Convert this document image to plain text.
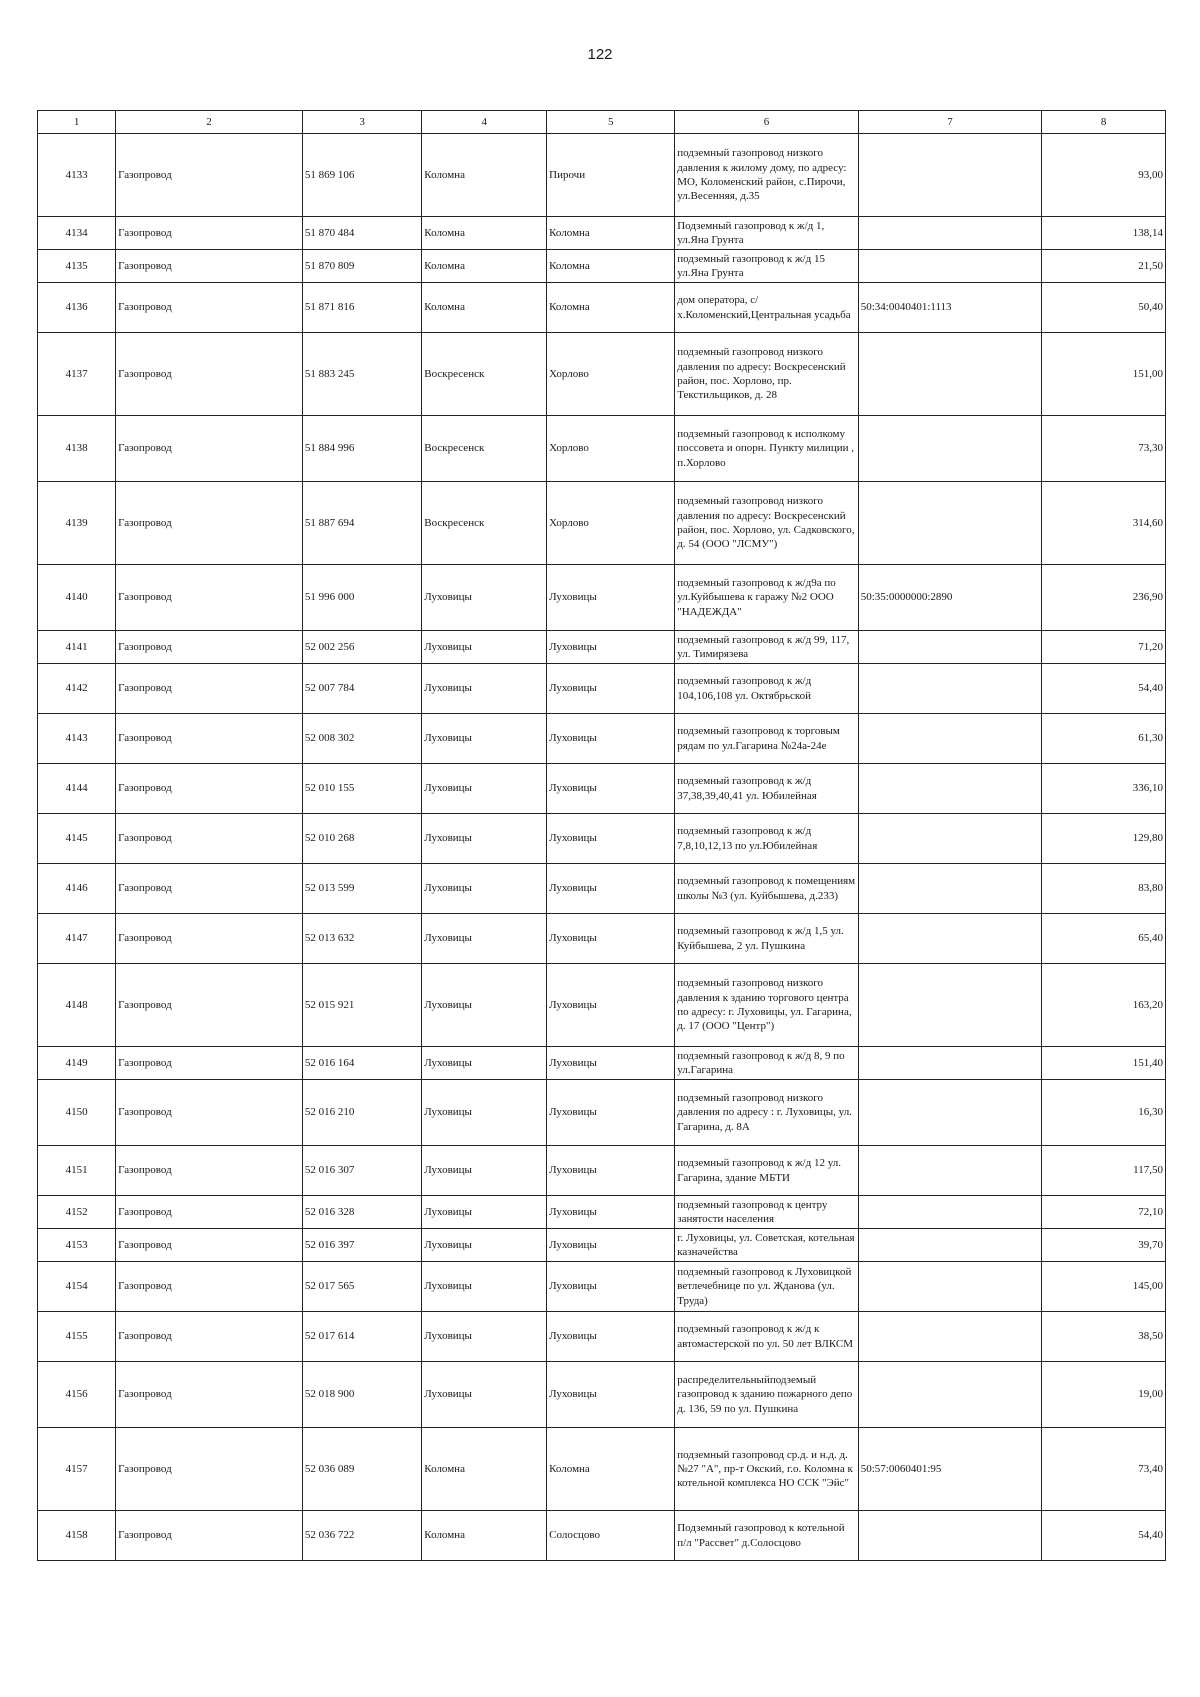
122
1	2	3	4	5	6	7	8
4133	Газопровод	51 869 106	Коломна	Пирочи	подземный газопровод низкого давления к жилому дому, по адресу: МО, Коломенский район, с.Пирочи, ул.Весенняя, д.35		93,00
4134	Газопровод	51 870 484	Коломна	Коломна	Подземный газопровод к ж/д 1, ул.Яна Грунта		138,14
4135	Газопровод	51 870 809	Коломна	Коломна	подземный газопровод к ж/д 15 ул.Яна Грунта		21,50
4136	Газопровод	51 871 816	Коломна	Коломна	дом оператора, с/х.Коломенский,Центральная усадьба	50:34:0040401:1113	50,40
4137	Газопровод	51 883 245	Воскресенск	Хорлово	подземный газопровод низкого давления по адресу: Воскресенский район, пос. Хорлово, пр. Текстильщиков, д. 28		151,00
4138	Газопровод	51 884 996	Воскресенск	Хорлово	подземный газопровод к исполкому поссовета и опорн. Пункту милиции , п.Хорлово		73,30
4139	Газопровод	51 887 694	Воскресенск	Хорлово	подземный газопровод низкого давления по адресу: Воскресенский район, пос. Хорлово, ул. Садковского, д. 54 (ООО "ЛСМУ")		314,60
4140	Газопровод	51 996 000	Луховицы	Луховицы	подземный газопровод к ж/д9а по ул.Куйбышева к гаражу №2 ООО "НАДЕЖДА"	50:35:0000000:2890	236,90
4141	Газопровод	52 002 256	Луховицы	Луховицы	подземный газопровод к ж/д 99, 117, ул. Тимирязева		71,20
4142	Газопровод	52 007 784	Луховицы	Луховицы	подземный газопровод к ж/д 104,106,108 ул. Октябрьской		54,40
4143	Газопровод	52 008 302	Луховицы	Луховицы	подземный газопровод к торговым рядам по ул.Гагарина №24а-24е		61,30
4144	Газопровод	52 010 155	Луховицы	Луховицы	подземный газопровод к ж/д 37,38,39,40,41 ул. Юбилейная		336,10
4145	Газопровод	52 010 268	Луховицы	Луховицы	подземный газопровод к ж/д 7,8,10,12,13 по ул.Юбилейная		129,80
4146	Газопровод	52 013 599	Луховицы	Луховицы	подземный газопровод к помещениям школы №3 (ул. Куйбышева, д.233)		83,80
4147	Газопровод	52 013 632	Луховицы	Луховицы	подземный газопровод к ж/д 1,5 ул. Куйбышева, 2 ул. Пушкина		65,40
4148	Газопровод	52 015 921	Луховицы	Луховицы	подземный газопровод низкого давления к зданию торгового центра по адресу: г. Луховицы, ул. Гагарина, д. 17 (ООО "Центр")		163,20
4149	Газопровод	52 016 164	Луховицы	Луховицы	подземный газопровод к ж/д 8, 9 по ул.Гагарина		151,40
4150	Газопровод	52 016 210	Луховицы	Луховицы	подземный газопровод низкого давления по адресу : г. Луховицы, ул. Гагарина, д. 8А		16,30
4151	Газопровод	52 016 307	Луховицы	Луховицы	подземный газопровод к ж/д 12 ул. Гагарина, здание МБТИ		117,50
4152	Газопровод	52 016 328	Луховицы	Луховицы	подземный газопровод к центру занятости населения		72,10
4153	Газопровод	52 016 397	Луховицы	Луховицы	г. Луховицы, ул. Советская, котельная казначейства		39,70
4154	Газопровод	52 017 565	Луховицы	Луховицы	подземный газопровод к Луховицкой ветлечебнице по ул. Жданова (ул. Труда)		145,00
4155	Газопровод	52 017 614	Луховицы	Луховицы	подземный газопровод к ж/д к автомастерской по ул. 50 лет ВЛКСМ		38,50
4156	Газопровод	52 018 900	Луховицы	Луховицы	распределительныйподземый газопровод к зданию пожарного депо д. 136, 59 по ул. Пушкина		19,00
4157	Газопровод	52 036 089	Коломна	Коломна	подземный газопровод ср.д. и н.д. д. №27 "А", пр-т Окский, г.о. Коломна к котельной комплекса НО ССК "Эйс"	50:57:0060401:95	73,40
4158	Газопровод	52 036 722	Коломна	Солосцово	Подземный газопровод к котельной п/л "Рассвет" д.Солосцово		54,40
